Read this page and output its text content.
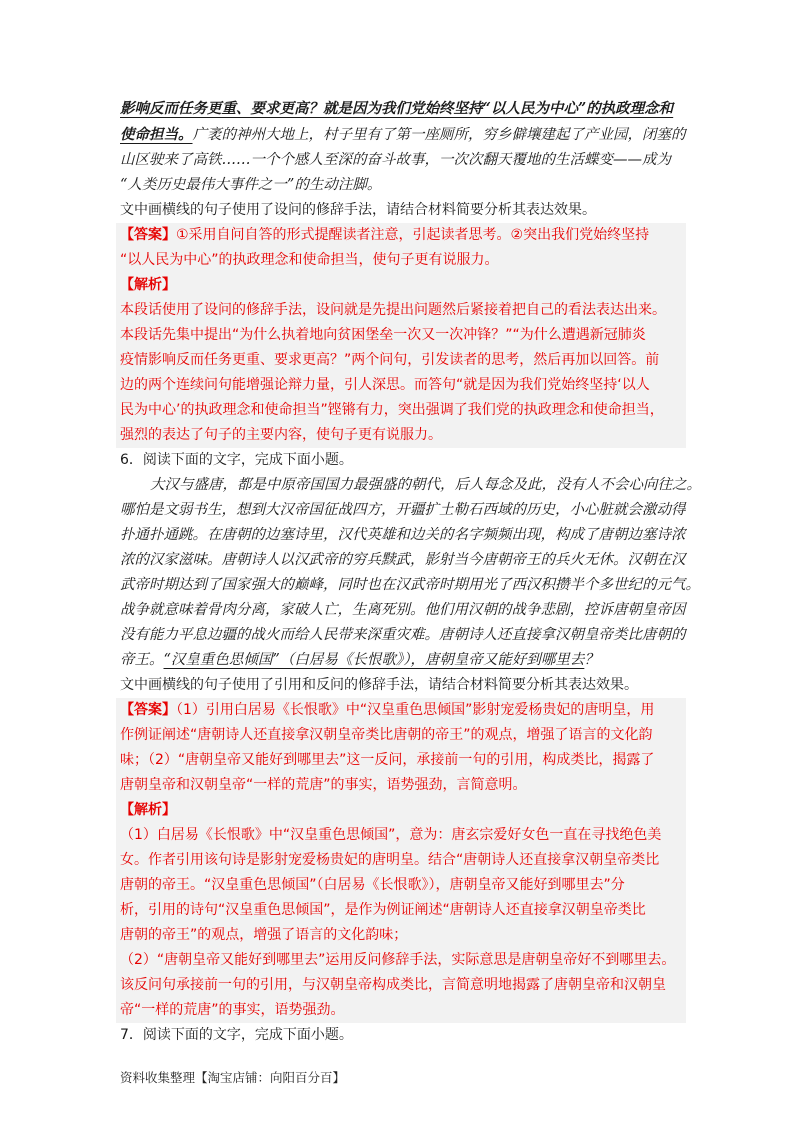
影响反而任务更重、要求更高？就是因为我们党始终坚持“以人民为中心”的执政理念和
使命担当。广袤的神州大地上，村子里有了第一座厕所，穷乡僻壤建起了产业园，闭塞的
山区驶来了高铁……一个个感人至深的奋斗故事，一次次翻天覆地的生活蝶变——成为
“人类历史最伟大事件之一”的生动注脚。
文中画横线的句子使用了设问的修辞手法，请结合材料简要分析其表达效果。
【答案】①采用自问自答的形式提醒读者注意，引起读者思考。②突出我们党始终坚持
“以人民为中心”的执政理念和使命担当，使句子更有说服力。
【解析】
本段话使用了设问的修辞手法，设问就是先提出问题然后紧接着把自己的看法表达出来。
本段话先集中提出“为什么执着地向贫困堡垒一次又一次冲锋？”“为什么遭遇新冠肺炎
疫情影响反而任务更重、要求更高？”两个问句，引发读者的思考，然后再加以回答。前
边的两个连续问句能增强论辩力量，引人深思。而答句“就是因为我们党始终坚持‘以人
民为中心’的执政理念和使命担当”铿锵有力，突出强调了我们党的执政理念和使命担当，
强烈的表达了句子的主要内容，使句子更有说服力。
6．阅读下面的文字，完成下面小题。
大汉与盛唐，都是中原帝国国力最强盛的朝代，后人每念及此，没有人不会心向往之。
哪怕是文弱书生，想到大汉帝国征战四方，开疆扩土勒石西域的历史，小心脏就会激动得
扑通扑通跳。在唐朝的边塞诗里，汉代英雄和边关的名字频频出现，构成了唐朝边塞诗浓
浓的汉家滋味。唐朝诗人以汉武帝的穷兵黩武，影射当今唐朝帝王的兵火无休。汉朝在汉
武帝时期达到了国家强大的巅峰，同时也在汉武帝时期用光了西汉积攒半个多世纪的元气。
战争就意味着骨肉分离，家破人亡，生离死别。他们用汉朝的战争悲剧，控诉唐朝皇帝因
没有能力平息边疆的战火而给人民带来深重灾难。唐朝诗人还直接拿汉朝皇帝类比唐朝的
帝王。“汉皇重色思倾国”（白居易《长恨歌》），唐朝皇帝又能好到哪里去？
文中画横线的句子使用了引用和反问的修辞手法，请结合材料简要分析其表达效果。
【答案】（1）引用白居易《长恨歌》中“汉皇重色思倾国”影射宠爱杨贵妃的唐明皇，用
作例证阐述“唐朝诗人还直接拿汉朝皇帝类比唐朝的帝王”的观点，增强了语言的文化韵
味；（2）“唐朝皇帝又能好到哪里去”这一反问，承接前一句的引用，构成类比，揭露了
唐朝皇帝和汉朝皇帝“一样的荒唐”的事实，语势强劲，言简意明。
【解析】
（1）白居易《长恨歌》中“汉皇重色思倾国”，意为：唐玄宗爱好女色一直在寻找绝色美
女。作者引用该句诗是影射宠爱杨贵妃的唐明皇。结合“唐朝诗人还直接拿汉朝皇帝类比
唐朝的帝王。“汉皇重色思倾国”（白居易《长恨歌》），唐朝皇帝又能好到哪里去”分
析，引用的诗句“汉皇重色思倾国”，是作为例证阐述“唐朝诗人还直接拿汉朝皇帝类比
唐朝的帝王”的观点，增强了语言的文化韵味；
（2）“唐朝皇帝又能好到哪里去”运用反问修辞手法，实际意思是唐朝皇帝好不到哪里去。
该反问句承接前一句的引用，与汉朝皇帝构成类比，言简意明地揭露了唐朝皇帝和汉朝皇
帝“一样的荒唐”的事实，语势强劲。
7．阅读下面的文字，完成下面小题。
资料收集整理【淘宝店铺：向阳百分百】
